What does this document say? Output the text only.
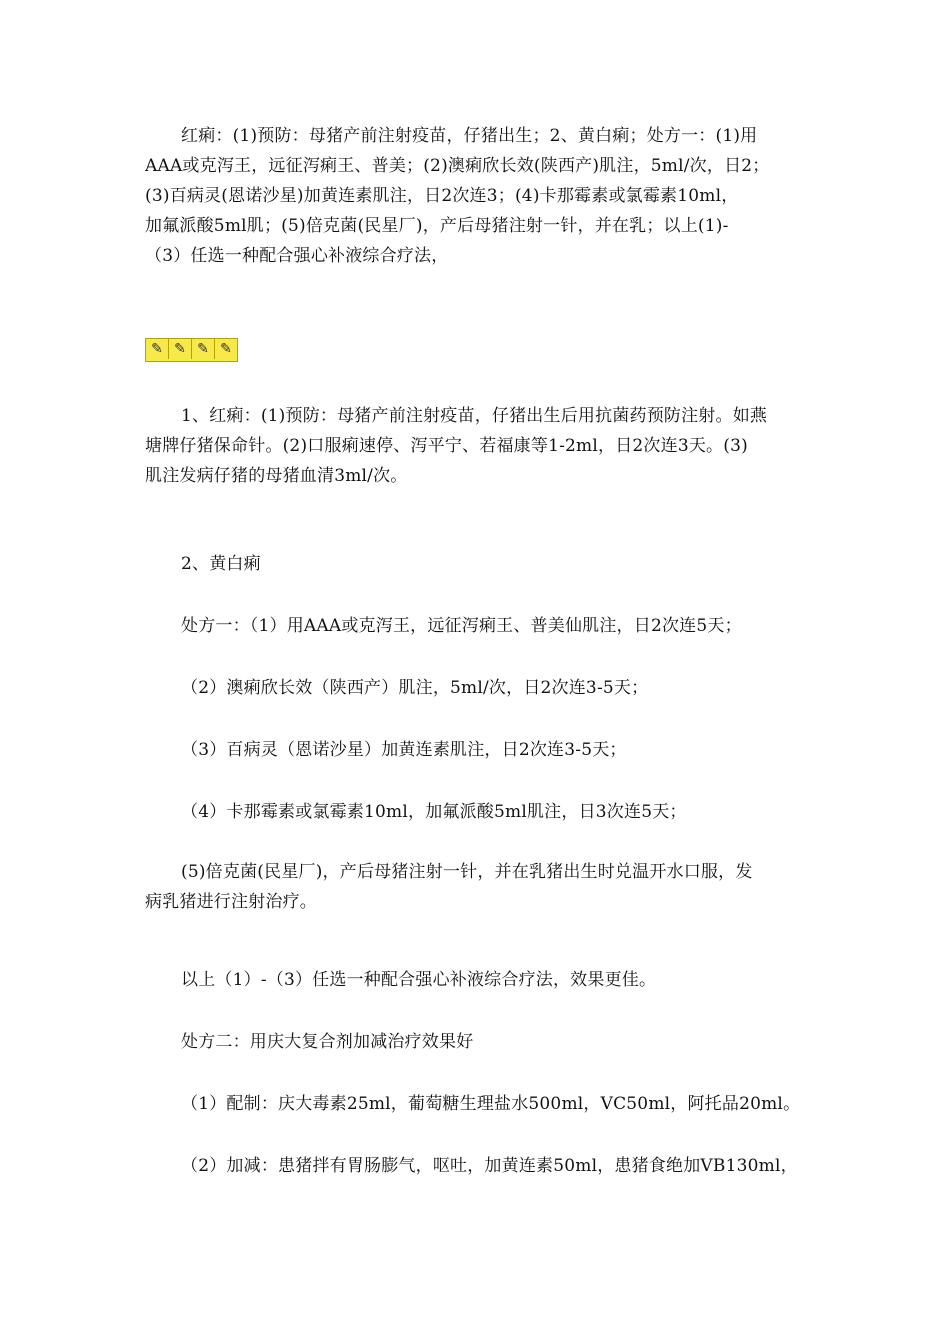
红痢：(1)预防：母猪产前注射疫苗，仔猪出生；2、黄白痢；处方一：(1)用
AAA或克泻王，远征泻痢王、普美；(2)澳痢欣长效(陕西产)肌注，5ml/次，日2；
(3)百病灵(恩诺沙星)加黄连素肌注，日2次连3；(4)卡那霉素或氯霉素10ml，
加氟派酸5ml肌；(5)倍克菌(民星厂)，产后母猪注射一针，并在乳；以上(1)-
（3）任选一种配合强心补液综合疗法，
✎ ✎ ✎ ✎
1、红痢：(1)预防：母猪产前注射疫苗，仔猪出生后用抗菌药预防注射。如燕
塘牌仔猪保命针。(2)口服痢速停、泻平宁、若福康等1-2ml，日2次连3天。(3)
肌注发病仔猪的母猪血清3ml/次。
2、黄白痢
处方一：（1）用AAA或克泻王，远征泻痢王、普美仙肌注，日2次连5天；
（2）澳痢欣长效（陕西产）肌注，5ml/次，日2次连3-5天；
（3）百病灵（恩诺沙星）加黄连素肌注，日2次连3-5天；
（4）卡那霉素或氯霉素10ml，加氟派酸5ml肌注，日3次连5天；
(5)倍克菌(民星厂)，产后母猪注射一针，并在乳猪出生时兑温开水口服，发
病乳猪进行注射治疗。
以上（1）-（3）任选一种配合强心补液综合疗法，效果更佳。
处方二：用庆大复合剂加减治疗效果好
（1）配制：庆大毒素25ml，葡萄糖生理盐水500ml，VC50ml，阿托品20ml。
（2）加减：患猪拌有胃肠膨气，呕吐，加黄连素50ml，患猪食绝加VB130ml，
